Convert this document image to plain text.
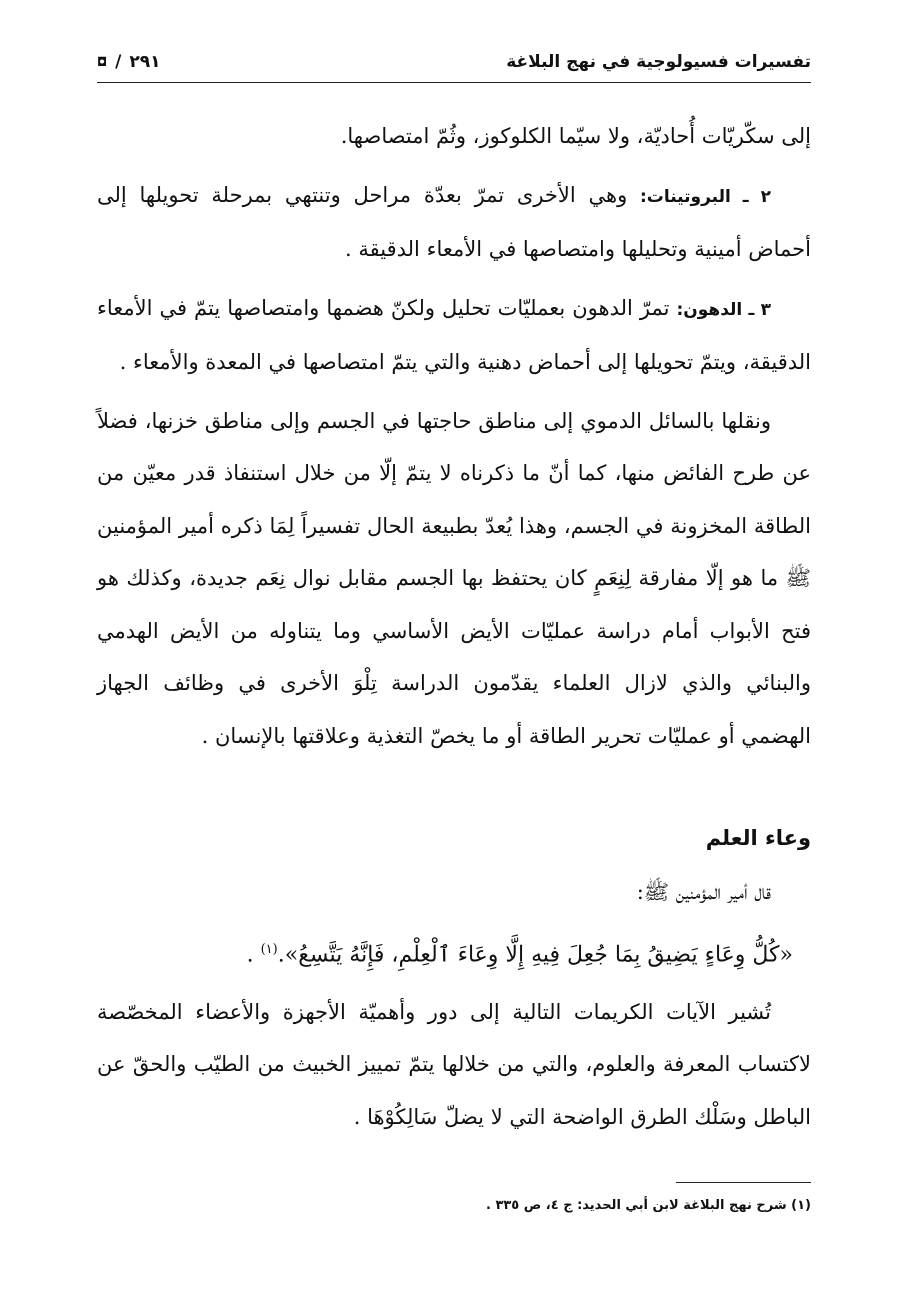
تفسيرات فسيولوجية في نهج البلاغة
٢٩١
/
◘

إلى سكّريّات أُحاديّة، ولا سيّما الكلوكوز، وثُمّ امتصاصها.

٢ ـ البروتينات: وهي الأخرى تمرّ بعدّة مراحل وتنتهي بمرحلة تحويلها إلى أحماض أمينية وتحليلها وامتصاصها في الأمعاء الدقيقة .

٣ ـ الدهون: تمرّ الدهون بعمليّات تحليل ولكنّ هضمها وامتصاصها يتمّ في الأمعاء الدقيقة، ويتمّ تحويلها إلى أحماض دهنية والتي يتمّ امتصاصها في المعدة والأمعاء .

ونقلها بالسائل الدموي إلى مناطق حاجتها في الجسم وإلى مناطق خزنها، فضلاً عن طرح الفائض منها، كما أنّ ما ذكرناه لا يتمّ إلّا من خلال استنفاذ قدر معيّن من الطاقة المخزونة في الجسم، وهذا يُعدّ بطبيعة الحال تفسيراً لِمَا ذكره أمير المؤمنين ﷺ ما هو إلّا مفارقة لِنِعَمٍ كان يحتفظ بها الجسم مقابل نوال نِعَم جديدة، وكذلك هو فتح الأبواب أمام دراسة عمليّات الأيض الأساسي وما يتناوله من الأيض الهدمي والبنائي والذي لازال العلماء يقدّمون الدراسة تِلْوَ الأخرى في وظائف الجهاز الهضمي أو عمليّات تحرير الطاقة أو ما يخصّ التغذية وعلاقتها بالإنسان .

وعاء العلم

قال أمير المؤمنين ﷺ:

«كُلُّ وِعَاءٍ يَضِيقُ بِمَا جُعِلَ فِيهِ إِلَّا وِعَاءَ ٱلْعِلْمِ، فَإِنَّهُ يَتَّسِعُ».$^{(١)}$ .

تُشير الآيات الكريمات التالية إلى دور وأهميّة الأجهزة والأعضاء المخصّصة لاكتساب المعرفة والعلوم، والتي من خلالها يتمّ تمييز الخبيث من الطيّب والحقّ عن الباطل وسَلْك الطرق الواضحة التي لا يضلّ سَالِكُوْهَا .

(١) شرح نهج البلاغة لابن أبي الحديد: ج ٤، ص ٣٣٥ .
